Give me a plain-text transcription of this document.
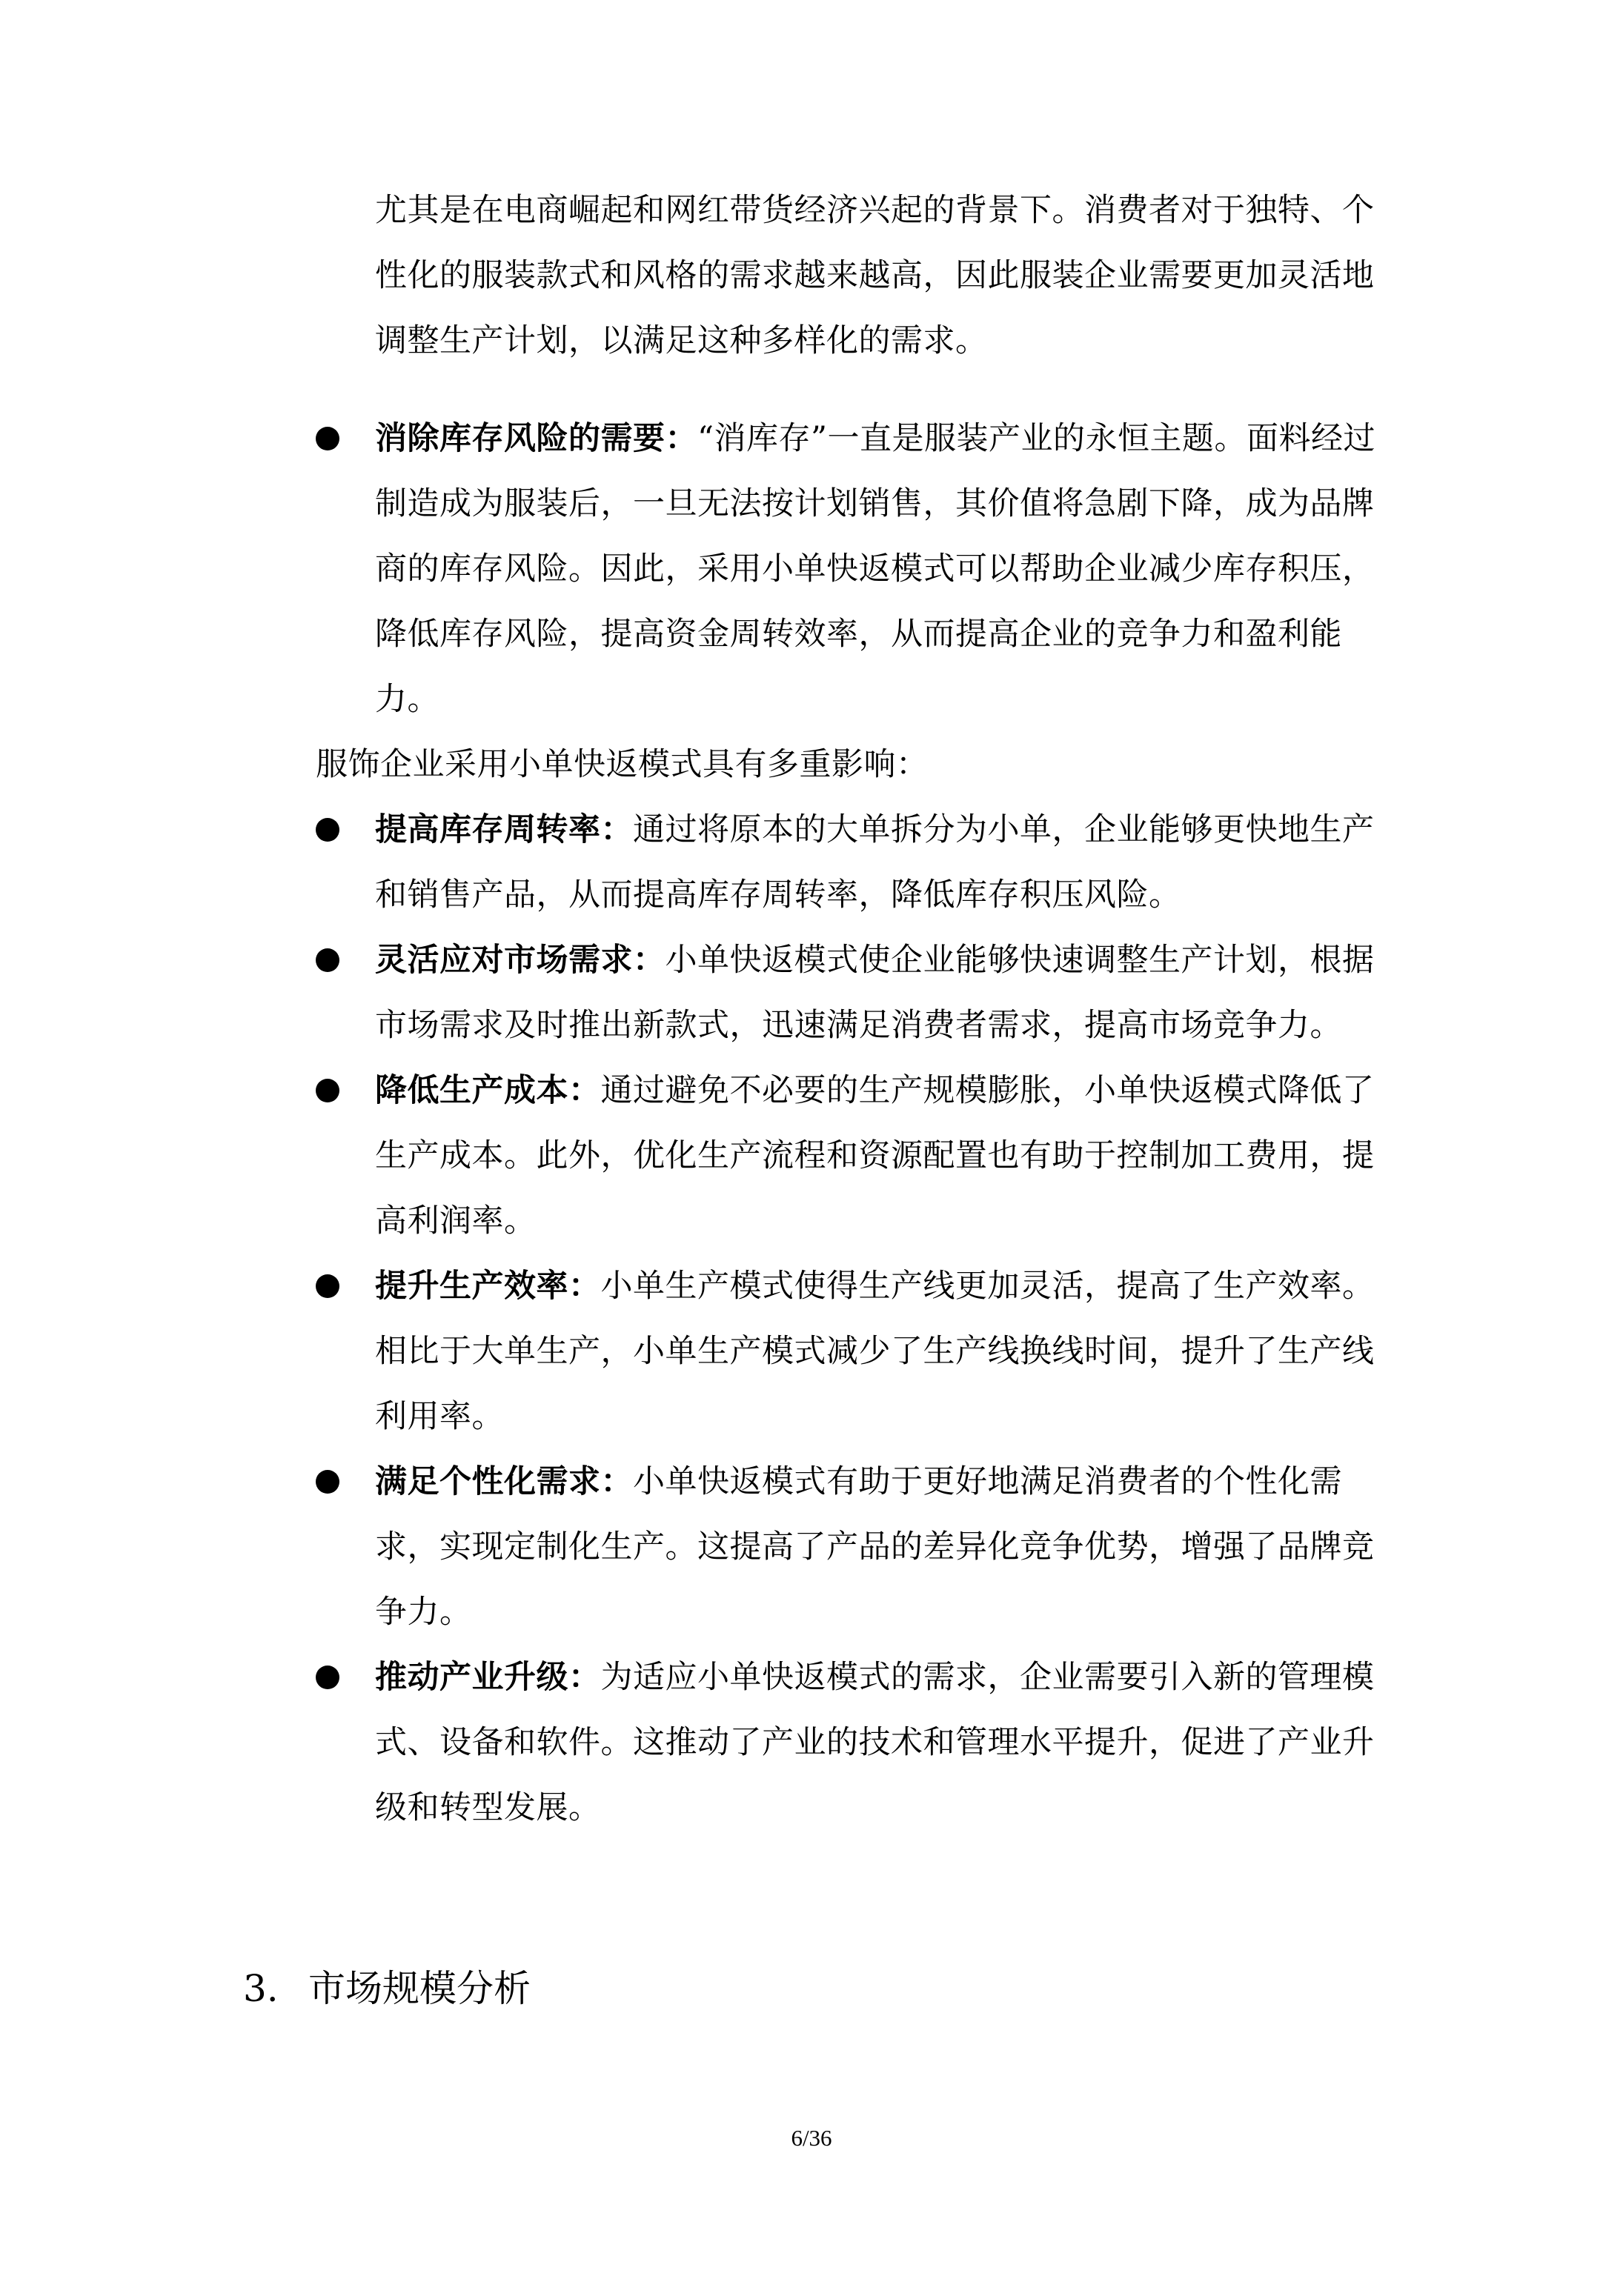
尤其是在电商崛起和网红带货经济兴起的背景下。消费者对于独特、个性化的服装款式和风格的需求越来越高，因此服装企业需要更加灵活地调整生产计划，以满足这种多样化的需求。
消除库存风险的需要：“消库存”一直是服装产业的永恒主题。面料经过制造成为服装后，一旦无法按计划销售，其价值将急剧下降，成为品牌商的库存风险。因此，采用小单快返模式可以帮助企业减少库存积压，降低库存风险，提高资金周转效率，从而提高企业的竞争力和盈利能力。
服饰企业采用小单快返模式具有多重影响：
提高库存周转率：通过将原本的大单拆分为小单，企业能够更快地生产和销售产品，从而提高库存周转率，降低库存积压风险。
灵活应对市场需求：小单快返模式使企业能够快速调整生产计划，根据市场需求及时推出新款式，迅速满足消费者需求，提高市场竞争力。
降低生产成本：通过避免不必要的生产规模膨胀，小单快返模式降低了生产成本。此外，优化生产流程和资源配置也有助于控制加工费用，提高利润率。
提升生产效率：小单生产模式使得生产线更加灵活，提高了生产效率。相比于大单生产，小单生产模式减少了生产线换线时间，提升了生产线利用率。
满足个性化需求：小单快返模式有助于更好地满足消费者的个性化需求，实现定制化生产。这提高了产品的差异化竞争优势，增强了品牌竞争力。
推动产业升级：为适应小单快返模式的需求，企业需要引入新的管理模式、设备和软件。这推动了产业的技术和管理水平提升，促进了产业升级和转型发展。
3. 市场规模分析
6/36
